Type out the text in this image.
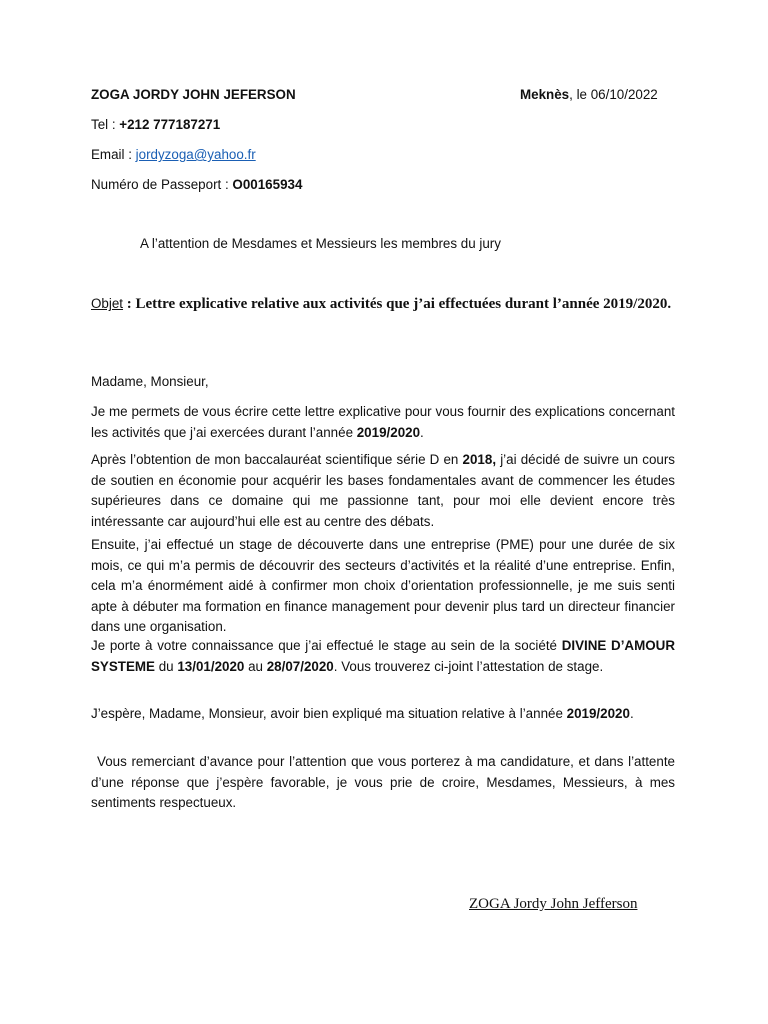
ZOGA JORDY JOHN JEFERSON	Meknès, le 06/10/2022
Tel : +212 777187271
Email : jordyzoga@yahoo.fr
Numéro de Passeport : O00165934
A l’attention de Mesdames et Messieurs les membres du jury

Objet : Lettre explicative relative aux activités que j’ai effectuées durant l’année 2019/2020.

Madame, Monsieur,

Je me permets de vous écrire cette lettre explicative pour vous fournir des explications concernant les activités que j’ai exercées durant l’année 2019/2020.

Après l’obtention de mon baccalauréat scientifique série D en 2018, j’ai décidé de suivre un cours de soutien en économie pour acquérir les bases fondamentales avant de commencer les études supérieures dans ce domaine qui me passionne tant, pour moi elle devient encore très intéressante car aujourd’hui elle est au centre des débats.

Ensuite, j’ai effectué un stage de découverte dans une entreprise (PME) pour une durée de six mois, ce qui m’a permis de découvrir des secteurs d’activités et la réalité d’une entreprise. Enfin, cela m’a énormément aidé à confirmer mon choix d’orientation professionnelle, je me suis senti apte à débuter ma formation en finance management pour devenir plus tard un directeur financier dans une organisation.

Je porte à votre connaissance que j’ai effectué le stage au sein de la société DIVINE D’AMOUR SYSTEME du 13/01/2020 au 28/07/2020. Vous trouverez ci-joint l’attestation de stage.

J’espère, Madame, Monsieur, avoir bien expliqué ma situation relative à l’année 2019/2020.

Vous remerciant d’avance pour l’attention que vous porterez à ma candidature, et dans l’attente d’une réponse que j’espère favorable, je vous prie de croire, Mesdames, Messieurs, à mes sentiments respectueux.

ZOGA Jordy John Jefferson
